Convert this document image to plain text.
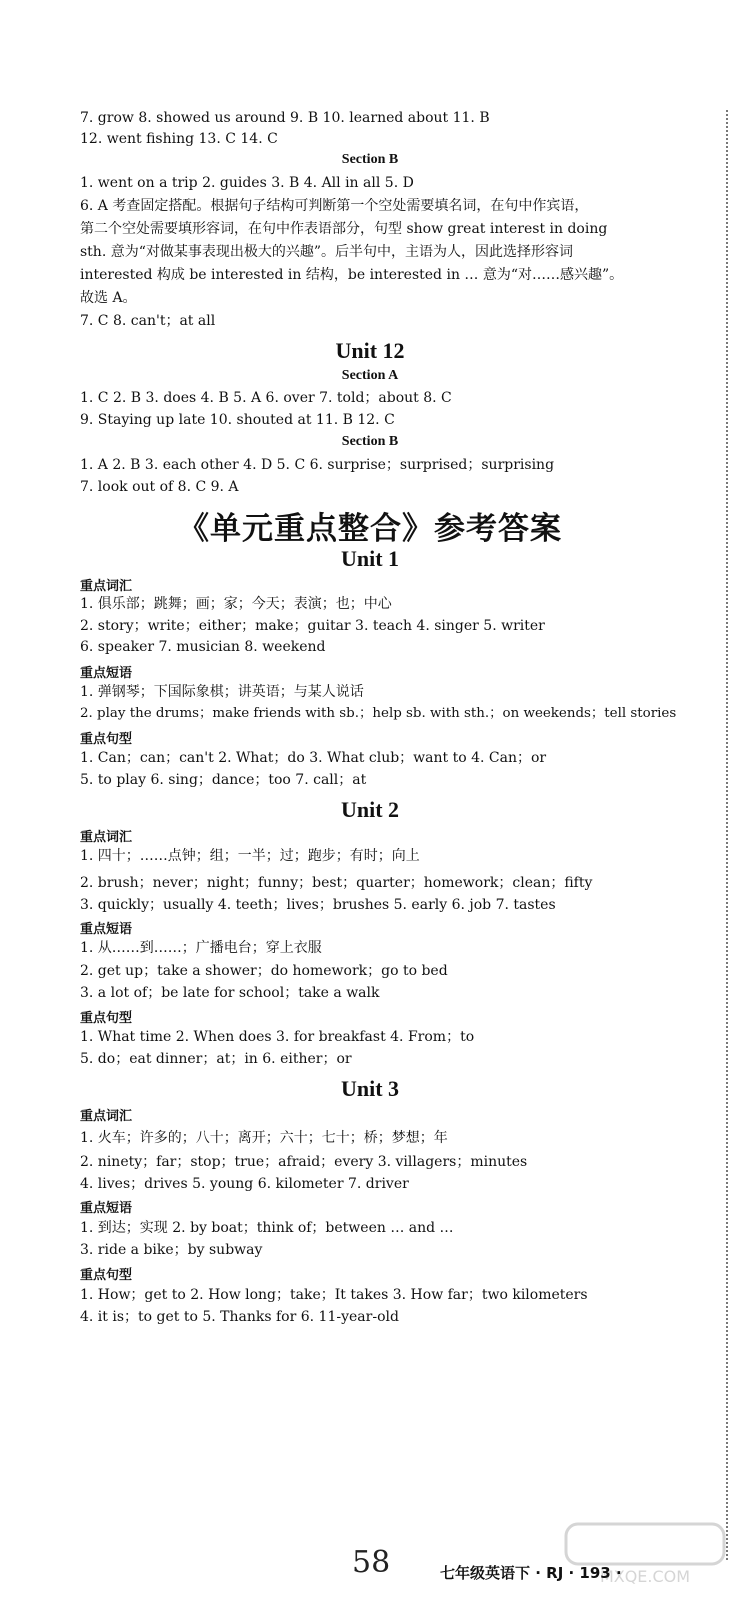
7. grow 8. showed us around 9. B 10. learned about 11. B
12. went fishing 13. C 14. C
Section B
1. went on a trip 2. guides 3. B 4. All in all 5. D
6. A 考查固定搭配。根据句子结构可判断第一个空处需要填名词，在句中作宾语，
第二个空处需要填形容词，在句中作表语部分，句型 show great interest in doing
sth. 意为“对做某事表现出极大的兴趣”。后半句中，主语为人，因此选择形容词
interested 构成 be interested in 结构，be interested in … 意为“对……感兴趣”。
故选 A。
7. C 8. can't；at all
Unit 12
Section A
1. C 2. B 3. does 4. B 5. A 6. over 7. told；about 8. C
9. Staying up late 10. shouted at 11. B 12. C
Section B
1. A 2. B 3. each other 4. D 5. C 6. surprise；surprised；surprising
7. look out of 8. C 9. A
《单元重点整合》参考答案
Unit 1
重点词汇
1. 俱乐部；跳舞；画；家；今天；表演；也；中心
2. story；write；either；make；guitar 3. teach 4. singer 5. writer
6. speaker 7. musician 8. weekend
重点短语
1. 弹钢琴；下国际象棋；讲英语；与某人说话
2. play the drums；make friends with sb.；help sb. with sth.；on weekends；tell stories
重点句型
1. Can；can；can't 2. What；do 3. What club；want to 4. Can；or
5. to play 6. sing；dance；too 7. call；at
Unit 2
重点词汇
1. 四十；……点钟；组；一半；过；跑步；有时；向上
2. brush；never；night；funny；best；quarter；homework；clean；fifty
3. quickly；usually 4. teeth；lives；brushes 5. early 6. job 7. tastes
重点短语
1. 从……到……；广播电台；穿上衣服
2. get up；take a shower；do homework；go to bed
3. a lot of；be late for school；take a walk
重点句型
1. What time 2. When does 3. for breakfast 4. From；to
5. do；eat dinner；at；in 6. either；or
Unit 3
重点词汇
1. 火车；许多的；八十；离开；六十；七十；桥；梦想；年
2. ninety；far；stop；true；afraid；every 3. villagers；minutes
4. lives；drives 5. young 6. kilometer 7. driver
重点短语
1. 到达；实现 2. by boat；think of；between … and …
3. ride a bike；by subway
重点句型
1. How；get to 2. How long；take；It takes 3. How far；two kilometers
4. it is；to get to 5. Thanks for 6. 11-year-old
58	MXQE.COM
七年级英语下 · RJ · 193 ·
